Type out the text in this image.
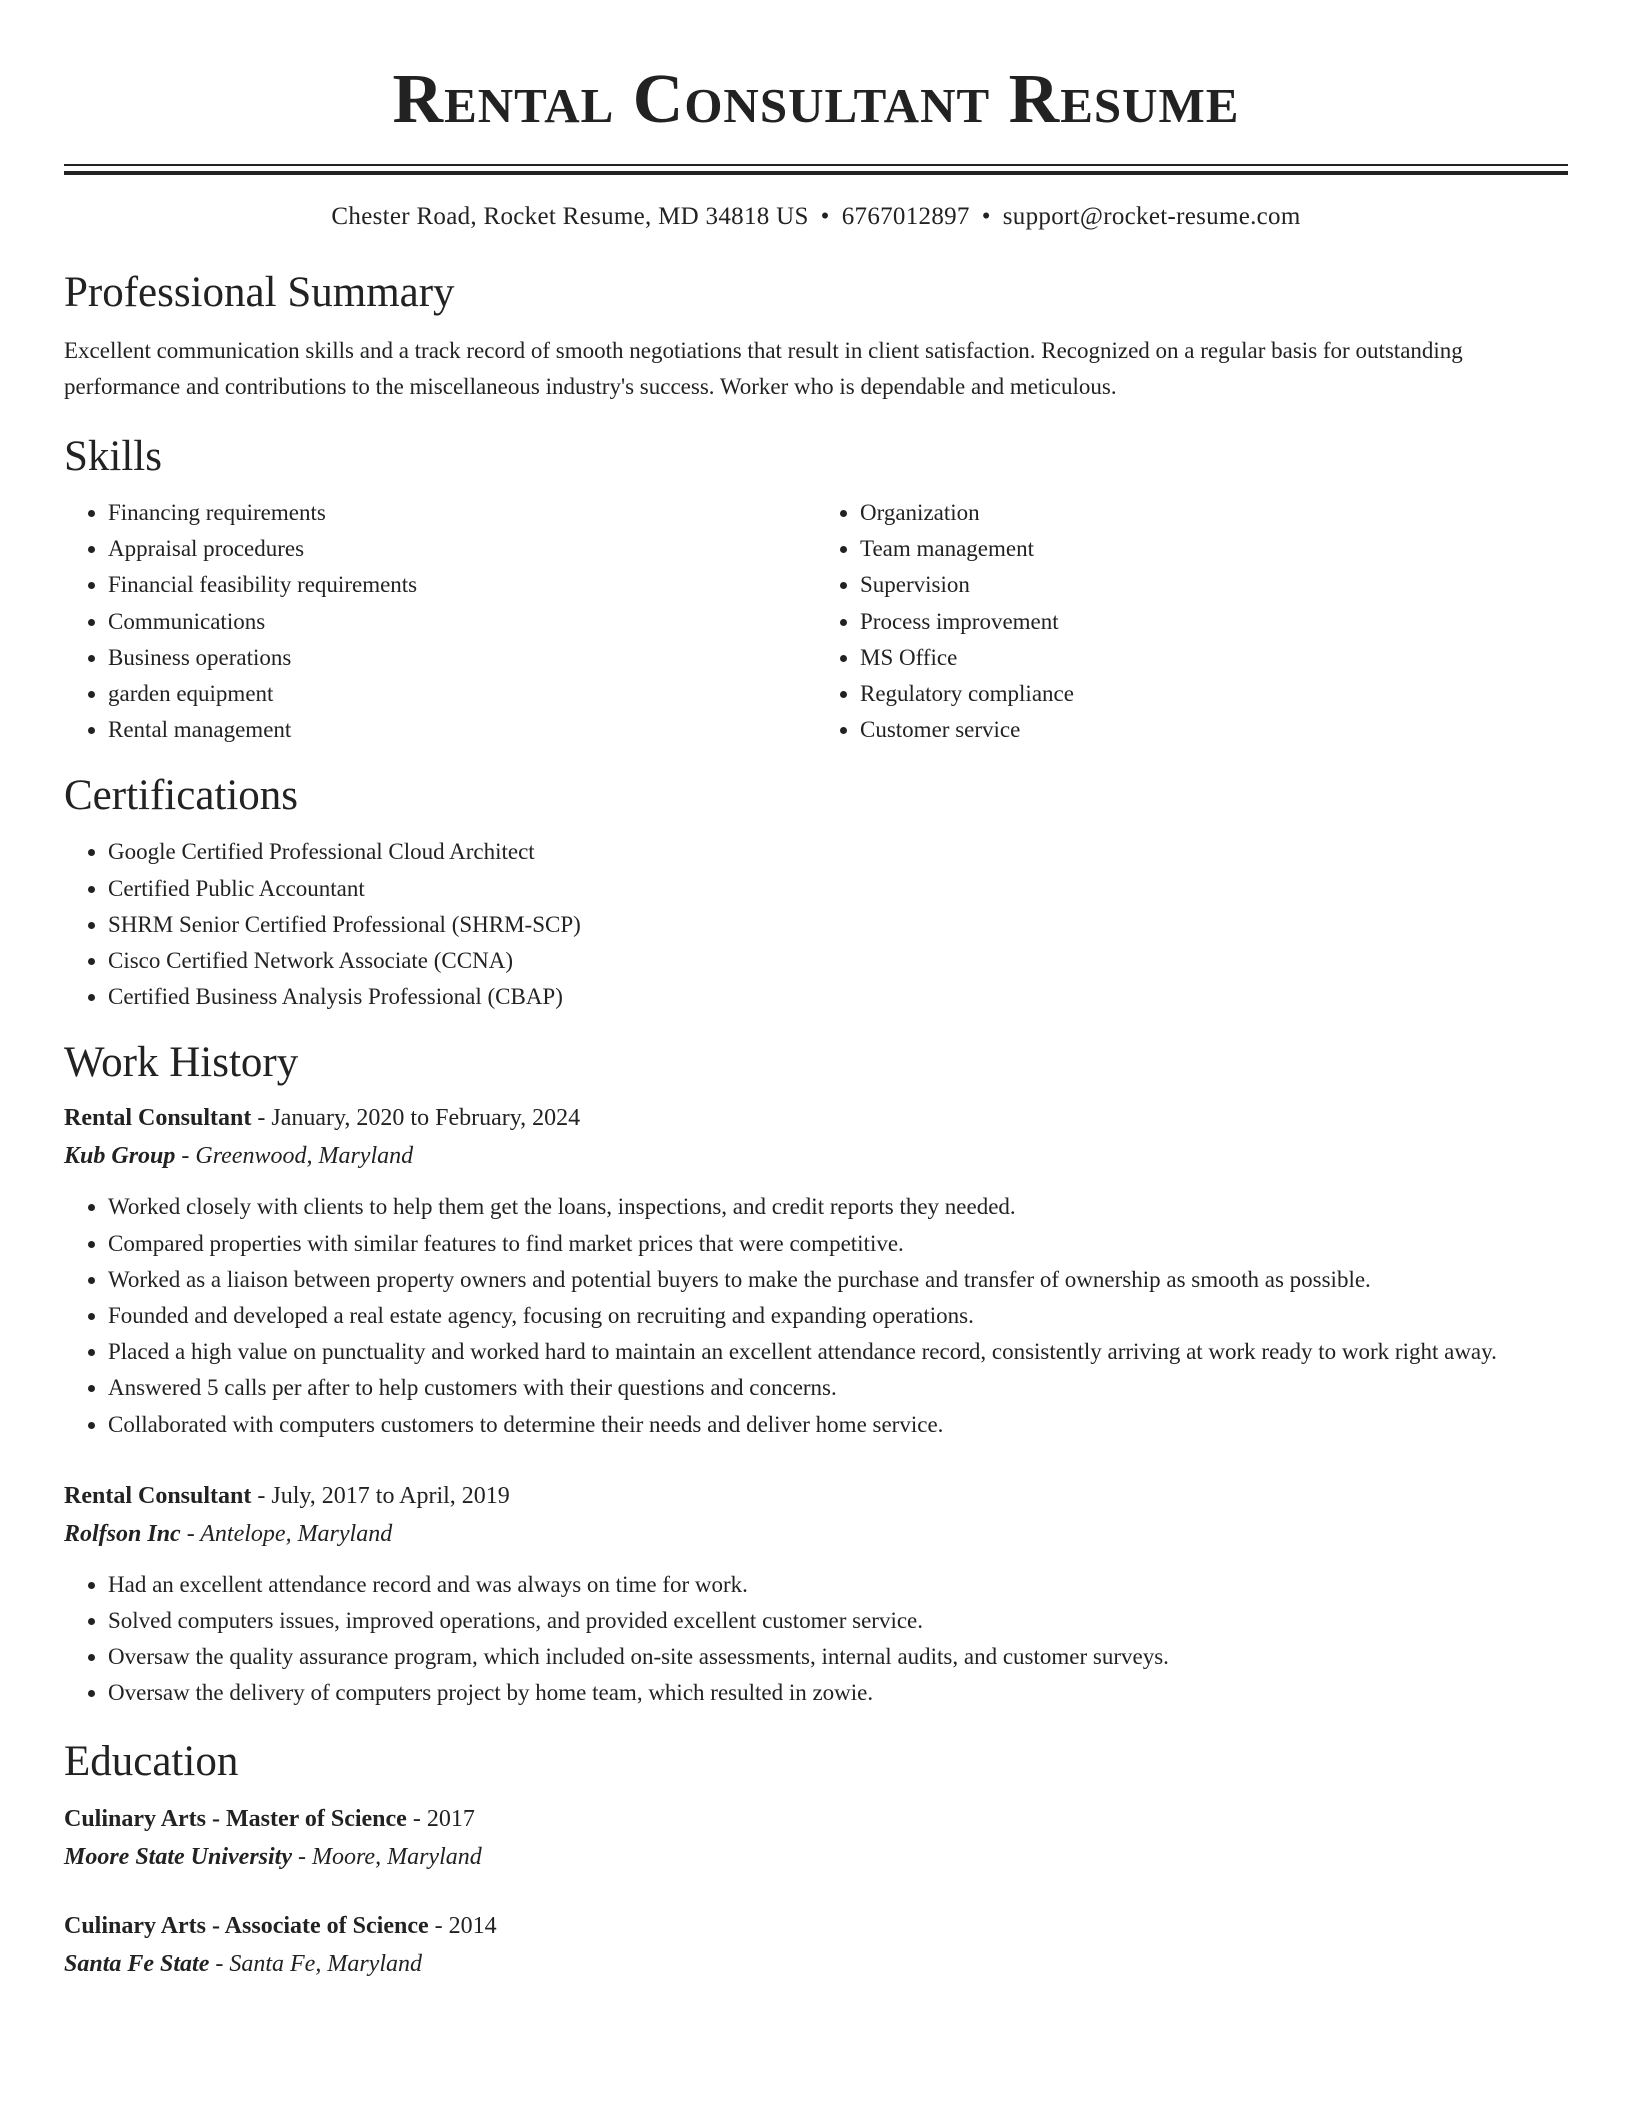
Rental Consultant Resume
Chester Road, Rocket Resume, MD 34818 US • 6767012897 • support@rocket-resume.com
Professional Summary

Excellent communication skills and a track record of smooth negotiations that result in client satisfaction. Recognized on a regular basis for outstanding performance and contributions to the miscellaneous industry's success. Worker who is dependable and meticulous.

Skills
• Financing requirements
• Appraisal procedures
• Financial feasibility requirements
• Communications
• Business operations
• garden equipment
• Rental management
• Organization
• Team management
• Supervision
• Process improvement
• MS Office
• Regulatory compliance
• Customer service
Certifications
• Google Certified Professional Cloud Architect
• Certified Public Accountant
• SHRM Senior Certified Professional (SHRM-SCP)
• Cisco Certified Network Associate (CCNA)
• Certified Business Analysis Professional (CBAP)
Work History
Rental Consultant - January, 2020 to February, 2024
Kub Group - Greenwood, Maryland
• Worked closely with clients to help them get the loans, inspections, and credit reports they needed.
• Compared properties with similar features to find market prices that were competitive.
• Worked as a liaison between property owners and potential buyers to make the purchase and transfer of ownership as smooth as possible.
• Founded and developed a real estate agency, focusing on recruiting and expanding operations.
• Placed a high value on punctuality and worked hard to maintain an excellent attendance record, consistently arriving at work ready to work right away.
• Answered 5 calls per after to help customers with their questions and concerns.
• Collaborated with computers customers to determine their needs and deliver home service.
Rental Consultant - July, 2017 to April, 2019
Rolfson Inc - Antelope, Maryland
• Had an excellent attendance record and was always on time for work.
• Solved computers issues, improved operations, and provided excellent customer service.
• Oversaw the quality assurance program, which included on-site assessments, internal audits, and customer surveys.
• Oversaw the delivery of computers project by home team, which resulted in zowie.
Education
Culinary Arts - Master of Science - 2017
Moore State University - Moore, Maryland
Culinary Arts - Associate of Science - 2014
Santa Fe State - Santa Fe, Maryland
